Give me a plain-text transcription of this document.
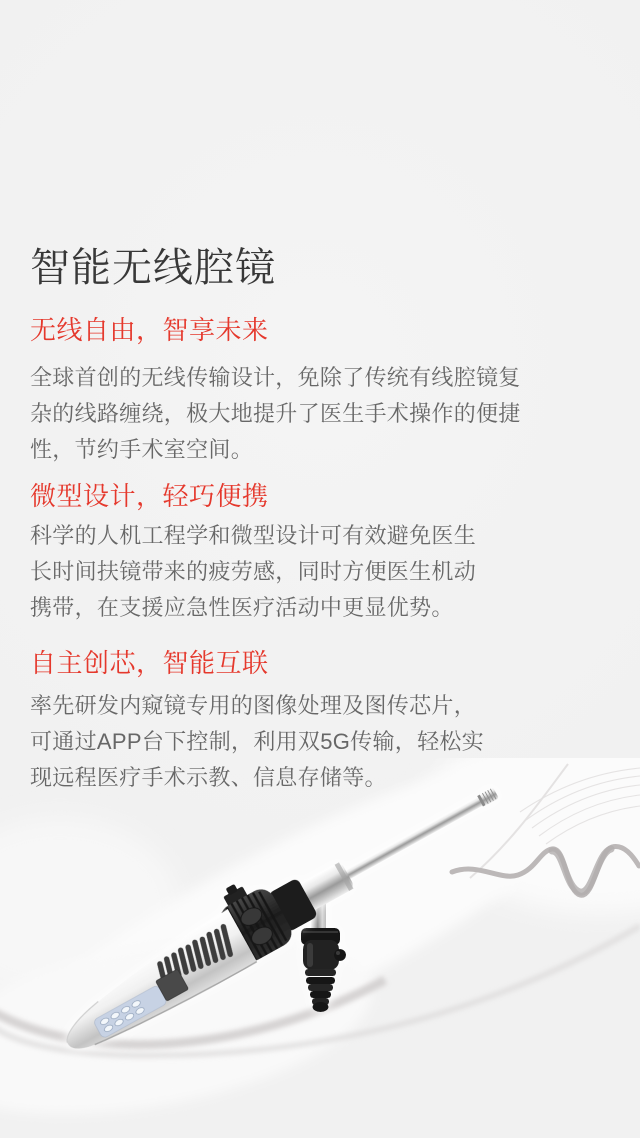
智能无线腔镜
无线自由，智享未来
全球首创的无线传输设计，免除了传统有线腔镜复
杂的线路缠绕，极大地提升了医生手术操作的便捷
性，节约手术室空间。
微型设计，轻巧便携
科学的人机工程学和微型设计可有效避免医生
长时间扶镜带来的疲劳感，同时方便医生机动
携带，在支援应急性医疗活动中更显优势。
自主创芯，智能互联
率先研发内窥镜专用的图像处理及图传芯片，
可通过APP台下控制，利用双5G传输，轻松实
现远程医疗手术示教、信息存储等。
